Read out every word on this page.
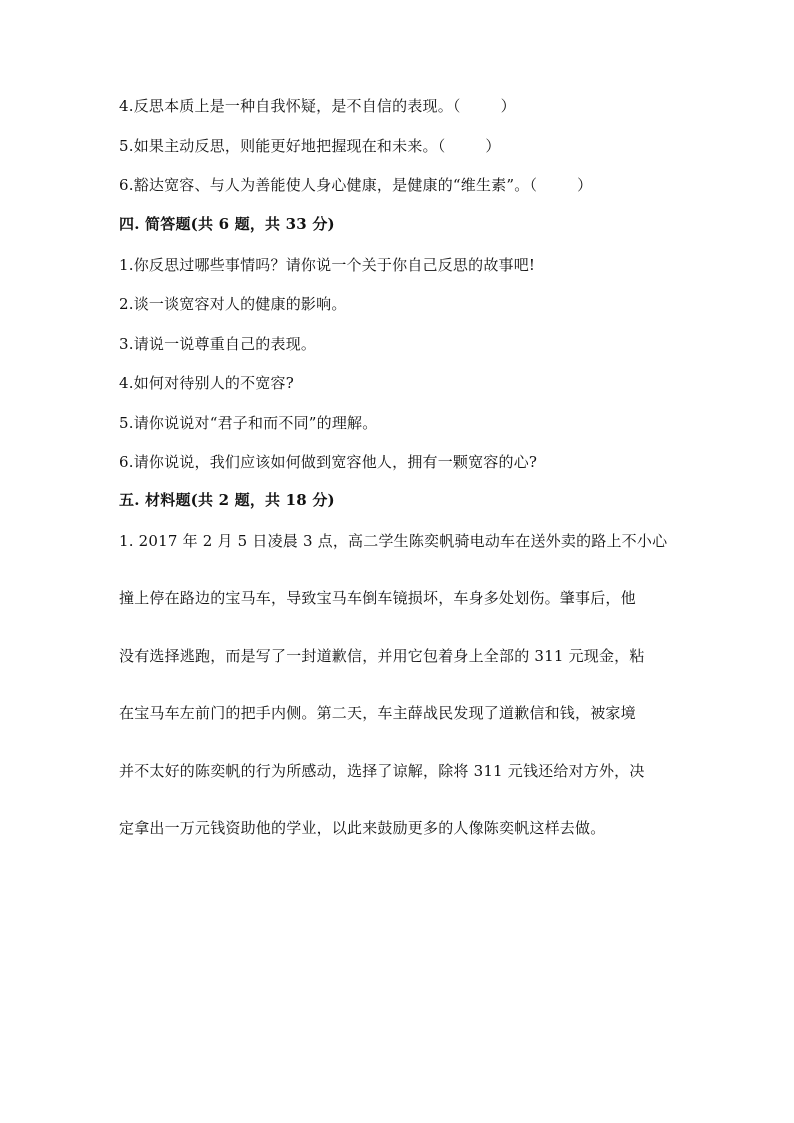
4.反思本质上是一种自我怀疑，是不自信的表现。（	）
5.如果主动反思，则能更好地把握现在和未来。（	）
6.豁达宽容、与人为善能使人身心健康，是健康的“维生素”。（	）
四. 简答题(共 6 题，共 33 分)
1.你反思过哪些事情吗？请你说一个关于你自己反思的故事吧!
2.谈一谈宽容对人的健康的影响。
3.请说一说尊重自己的表现。
4.如何对待别人的不宽容?
5.请你说说对“君子和而不同”的理解。
6.请你说说，我们应该如何做到宽容他人，拥有一颗宽容的心?
五. 材料题(共 2 题，共 18 分)
1. 2017 年 2 月 5 日凌晨 3 点，高二学生陈奕帆骑电动车在送外卖的路上不小心
撞上停在路边的宝马车，导致宝马车倒车镜损坏，车身多处划伤。肇事后，他
没有选择逃跑，而是写了一封道歉信，并用它包着身上全部的 311 元现金，粘
在宝马车左前门的把手内侧。第二天，车主薛战民发现了道歉信和钱，被家境
并不太好的陈奕帆的行为所感动，选择了谅解，除将 311 元钱还给对方外，决
定拿出一万元钱资助他的学业，以此来鼓励更多的人像陈奕帆这样去做。
